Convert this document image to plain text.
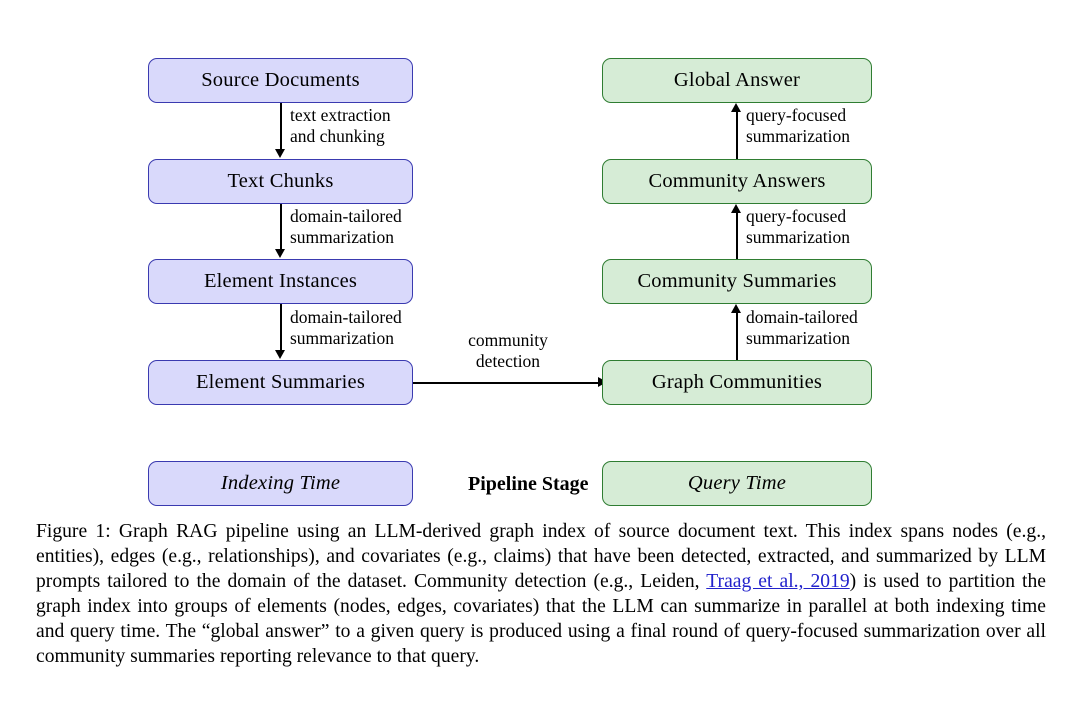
Source Documents
Text Chunks
Element Instances
Element Summaries
text extraction
and chunking
domain-tailored
summarization
domain-tailored
summarization	community
detection
Graph Communities
Community Summaries
Community Answers
Global Answer
domain-tailored
summarization
query-focused
summarization
query-focused
summarization
Indexing Time	Pipeline Stage	Query Time
Figure 1: Graph RAG pipeline using an LLM-derived graph index of source document text. This index spans nodes (e.g., entities), edges (e.g., relationships), and covariates (e.g., claims) that have been detected, extracted, and summarized by LLM prompts tailored to the domain of the dataset. Community detection (e.g., Leiden, Traag et al., 2019) is used to partition the graph index into groups of elements (nodes, edges, covariates) that the LLM can summarize in parallel at both indexing time and query time. The “global answer” to a given query is produced using a final round of query-focused summarization over all community summaries reporting relevance to that query.
